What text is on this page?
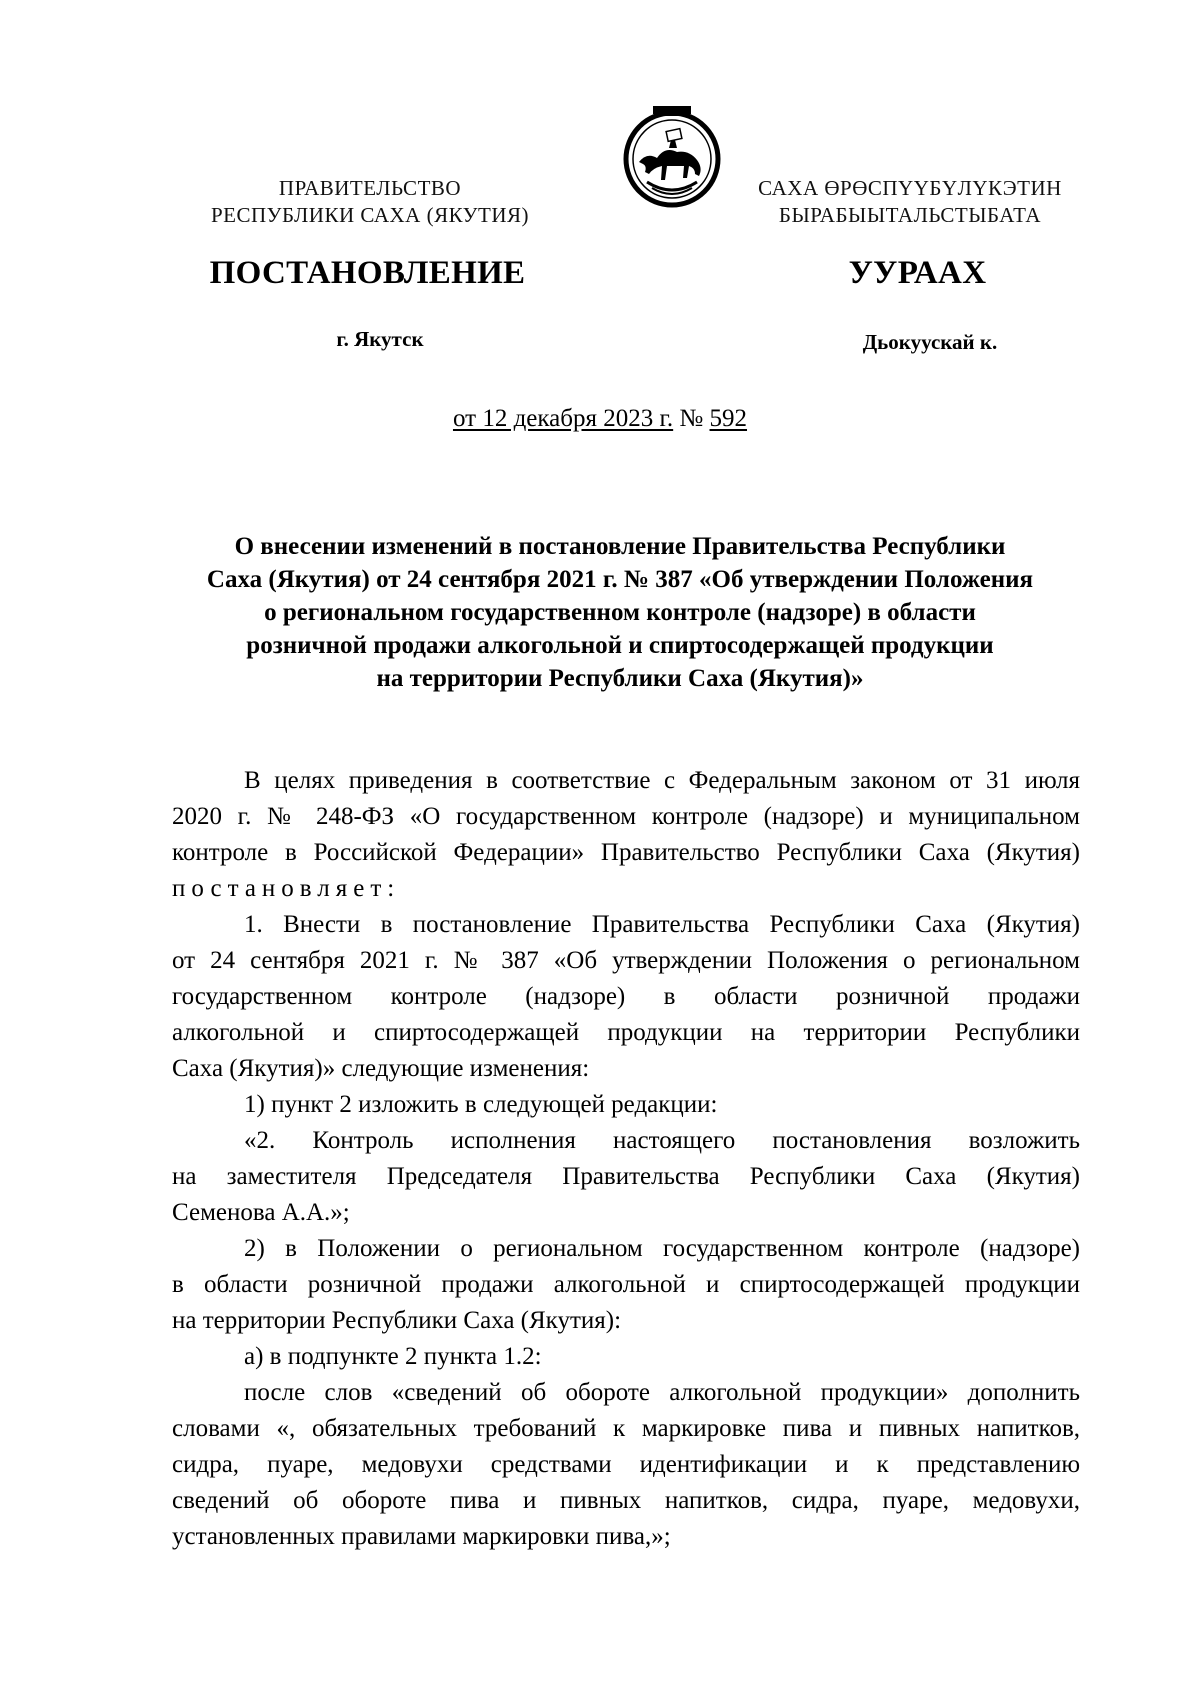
ПРАВИТЕЛЬСТВО
РЕСПУБЛИКИ САХА (ЯКУТИЯ)
САХА ӨРӨСПҮҮБҮЛҮКЭТИН
БЫРАБЫЫТАЛЬСТЫБАТА
ПОСТАНОВЛЕНИЕ	УУРААХ
г. Якутск	Дьокуускай к.
от 12 декабря 2023 г. № 592
О внесении изменений в постановление Правительства Республики
Саха (Якутия) от 24 сентября 2021 г. № 387 «Об утверждении Положения
о региональном государственном контроле (надзоре) в области
розничной продажи алкогольной и спиртосодержащей продукции
на территории Республики Саха (Якутия)»
В целях приведения в соответствие с Федеральным законом от 31 июля
2020 г. № 248-ФЗ «О государственном контроле (надзоре) и муниципальном
контроле в Российской Федерации» Правительство Республики Саха (Якутия)
постановляет:
1. Внести в постановление Правительства Республики Саха (Якутия)
от 24 сентября 2021 г. № 387 «Об утверждении Положения о региональном
государственном контроле (надзоре) в области розничной продажи
алкогольной и спиртосодержащей продукции на территории Республики
Саха (Якутия)» следующие изменения:
1) пункт 2 изложить в следующей редакции:
«2. Контроль исполнения настоящего постановления возложить
на заместителя Председателя Правительства Республики Саха (Якутия)
Семенова А.А.»;
2) в Положении о региональном государственном контроле (надзоре)
в области розничной продажи алкогольной и спиртосодержащей продукции
на территории Республики Саха (Якутия):
а) в подпункте 2 пункта 1.2:
после слов «сведений об обороте алкогольной продукции» дополнить
словами «, обязательных требований к маркировке пива и пивных напитков,
сидра, пуаре, медовухи средствами идентификации и к представлению
сведений об обороте пива и пивных напитков, сидра, пуаре, медовухи,
установленных правилами маркировки пива,»;
